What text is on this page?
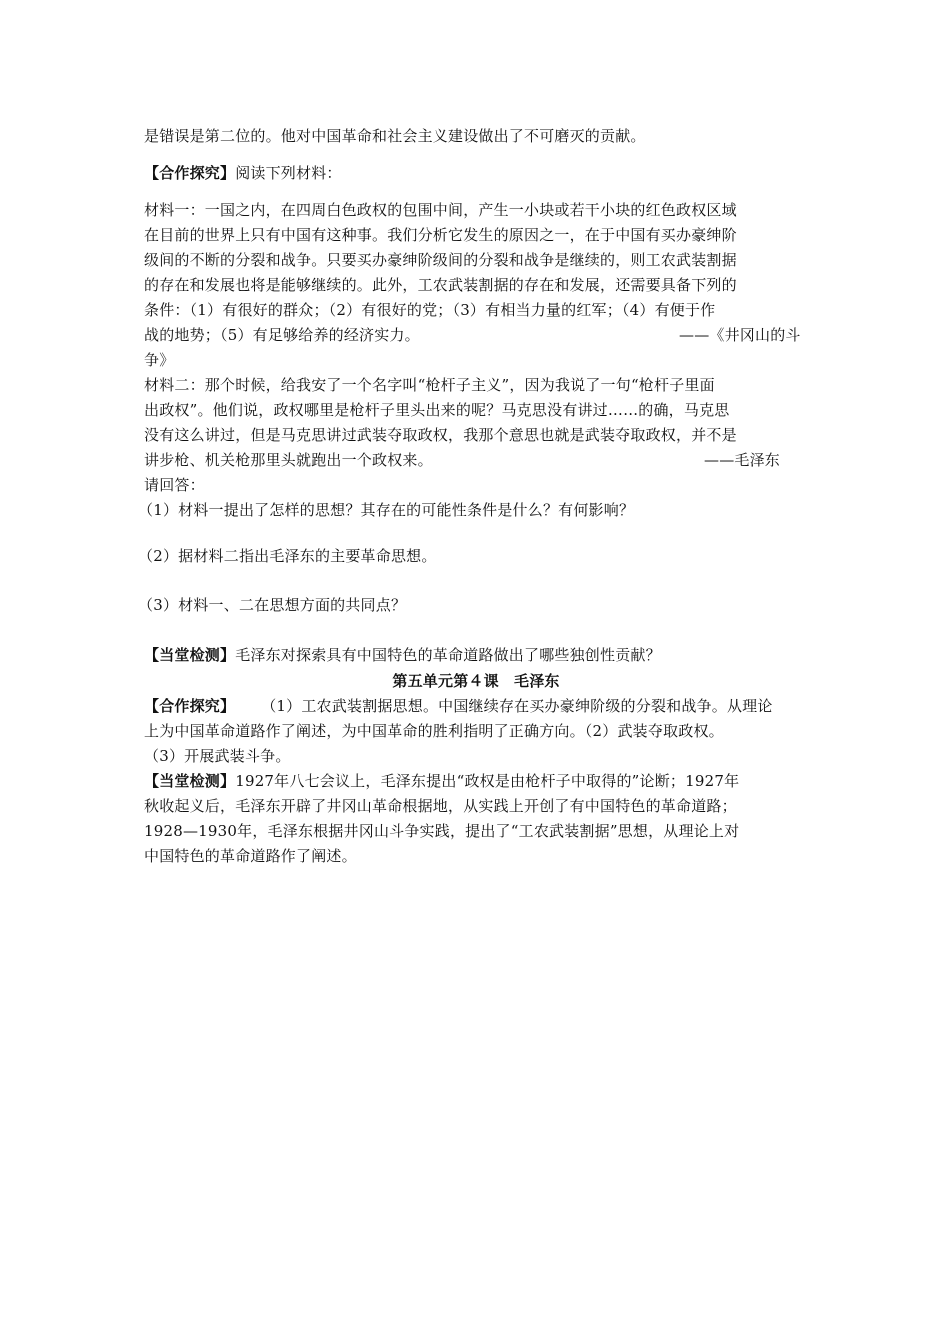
是错误是第二位的。他对中国革命和社会主义建设做出了不可磨灭的贡献。
【合作探究】阅读下列材料：
材料一：一国之内，在四周白色政权的包围中间，产生一小块或若干小块的红色政权区域
在目前的世界上只有中国有这种事。我们分析它发生的原因之一，在于中国有买办豪绅阶
级间的不断的分裂和战争。只要买办豪绅阶级间的分裂和战争是继续的，则工农武装割据
的存在和发展也将是能够继续的。此外，工农武装割据的存在和发展，还需要具备下列的
条件：（1）有很好的群众；（2）有很好的党；（3）有相当力量的红军；（4）有便于作
战的地势；（5）有足够给养的经济实力。	——《井冈山的斗
争》
材料二：那个时候，给我安了一个名字叫“枪杆子主义”，因为我说了一句“枪杆子里面
出政权”。他们说，政权哪里是枪杆子里头出来的呢？马克思没有讲过……的确，马克思
没有这么讲过，但是马克思讲过武装夺取政权，我那个意思也就是武装夺取政权，并不是
讲步枪、机关枪那里头就跑出一个政权来。	——毛泽东
请回答：
（1）材料一提出了怎样的思想？其存在的可能性条件是什么？有何影响？
（2）据材料二指出毛泽东的主要革命思想。
（3）材料一、二在思想方面的共同点？
【当堂检测】毛泽东对探索具有中国特色的革命道路做出了哪些独创性贡献？
第五单元第４课　毛泽东
【合作探究】 （1）工农武装割据思想。中国继续存在买办豪绅阶级的分裂和战争。从理论
上为中国革命道路作了阐述，为中国革命的胜利指明了正确方向。（2）武装夺取政权。
（3）开展武装斗争。
【当堂检测】1927年八七会议上，毛泽东提出“政权是由枪杆子中取得的”论断；1927年
秋收起义后，毛泽东开辟了井冈山革命根据地，从实践上开创了有中国特色的革命道路；
1928—1930年，毛泽东根据井冈山斗争实践，提出了“工农武装割据”思想，从理论上对
中国特色的革命道路作了阐述。
